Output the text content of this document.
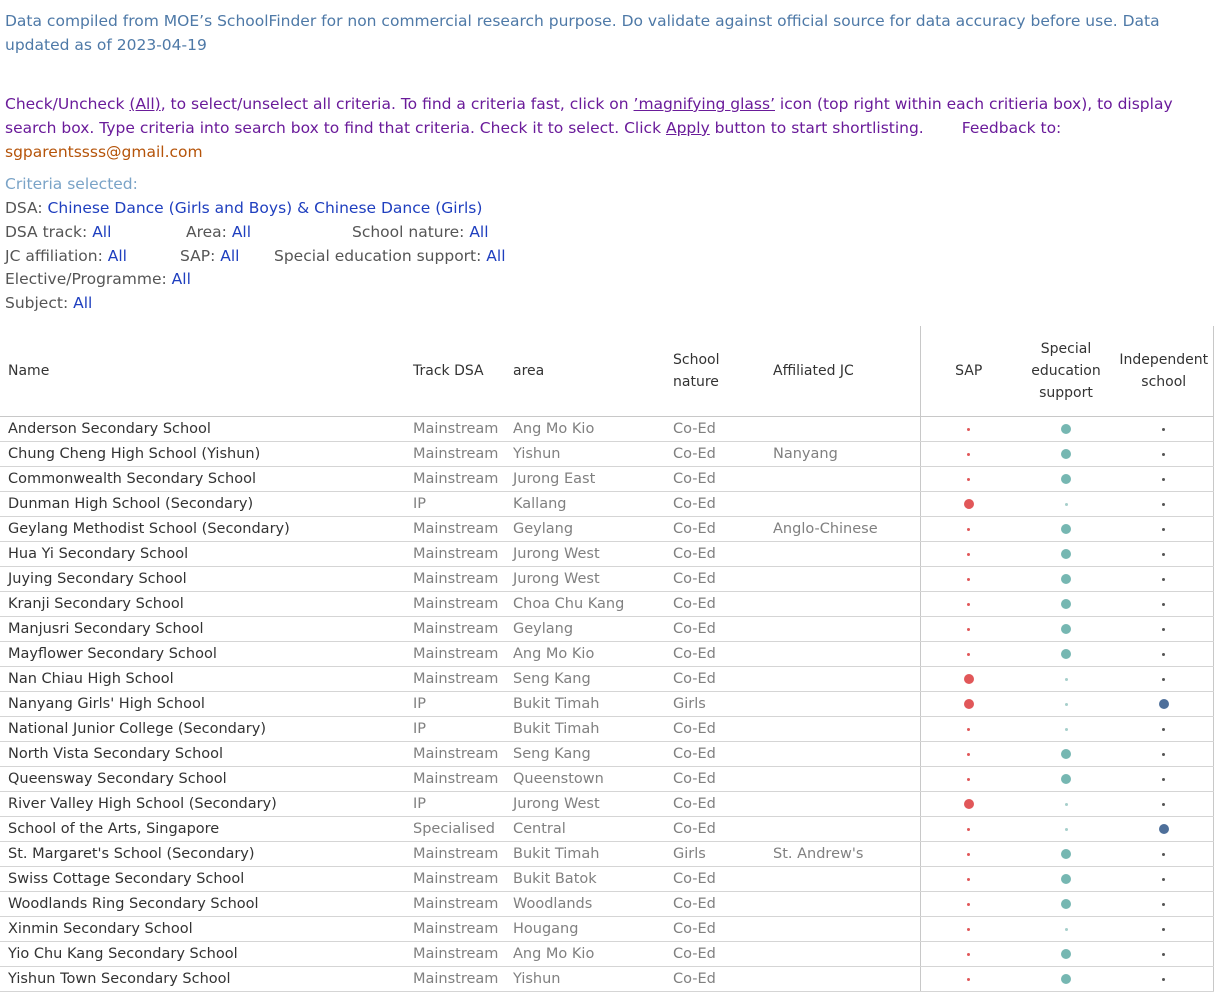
Data compiled from MOE’s SchoolFinder for non commercial research purpose. Do validate against official source for data accuracy before use. Data updated as of 2023-04-19
Check/Uncheck (All), to select/unselect all criteria. To find a criteria fast, click on ’magnifying glass’ icon (top right within each critieria box), to display search box. Type criteria into search box to find that criteria. Check it to select. Click Apply button to start shortlisting. Feedback to: sgparentssss@gmail.com
Criteria selected:
DSA: Chinese Dance (Girls and Boys) & Chinese Dance (Girls)
DSA track: All	Area: All	School nature: All
JC affiliation: All	SAP: All Special education support: All
Elective/Programme: All
Subject: All
Name	Track DSA	area	School nature	Affiliated JC	SAP	Special
education
support	Independent
school
Anderson Secondary School	Mainstream	Ang Mo Kio	Co-Ed				
Chung Cheng High School (Yishun)	Mainstream	Yishun	Co-Ed	Nanyang			
Commonwealth Secondary School	Mainstream	Jurong East	Co-Ed				
Dunman High School (Secondary)	IP	Kallang	Co-Ed				
Geylang Methodist School (Secondary)	Mainstream	Geylang	Co-Ed	Anglo-Chinese			
Hua Yi Secondary School	Mainstream	Jurong West	Co-Ed				
Juying Secondary School	Mainstream	Jurong West	Co-Ed				
Kranji Secondary School	Mainstream	Choa Chu Kang	Co-Ed				
Manjusri Secondary School	Mainstream	Geylang	Co-Ed				
Mayflower Secondary School	Mainstream	Ang Mo Kio	Co-Ed				
Nan Chiau High School	Mainstream	Seng Kang	Co-Ed				
Nanyang Girls' High School	IP	Bukit Timah	Girls				
National Junior College (Secondary)	IP	Bukit Timah	Co-Ed				
North Vista Secondary School	Mainstream	Seng Kang	Co-Ed				
Queensway Secondary School	Mainstream	Queenstown	Co-Ed				
River Valley High School (Secondary)	IP	Jurong West	Co-Ed				
School of the Arts, Singapore	Specialised	Central	Co-Ed				
St. Margaret's School (Secondary)	Mainstream	Bukit Timah	Girls	St. Andrew's			
Swiss Cottage Secondary School	Mainstream	Bukit Batok	Co-Ed				
Woodlands Ring Secondary School	Mainstream	Woodlands	Co-Ed				
Xinmin Secondary School	Mainstream	Hougang	Co-Ed				
Yio Chu Kang Secondary School	Mainstream	Ang Mo Kio	Co-Ed				
Yishun Town Secondary School	Mainstream	Yishun	Co-Ed				
